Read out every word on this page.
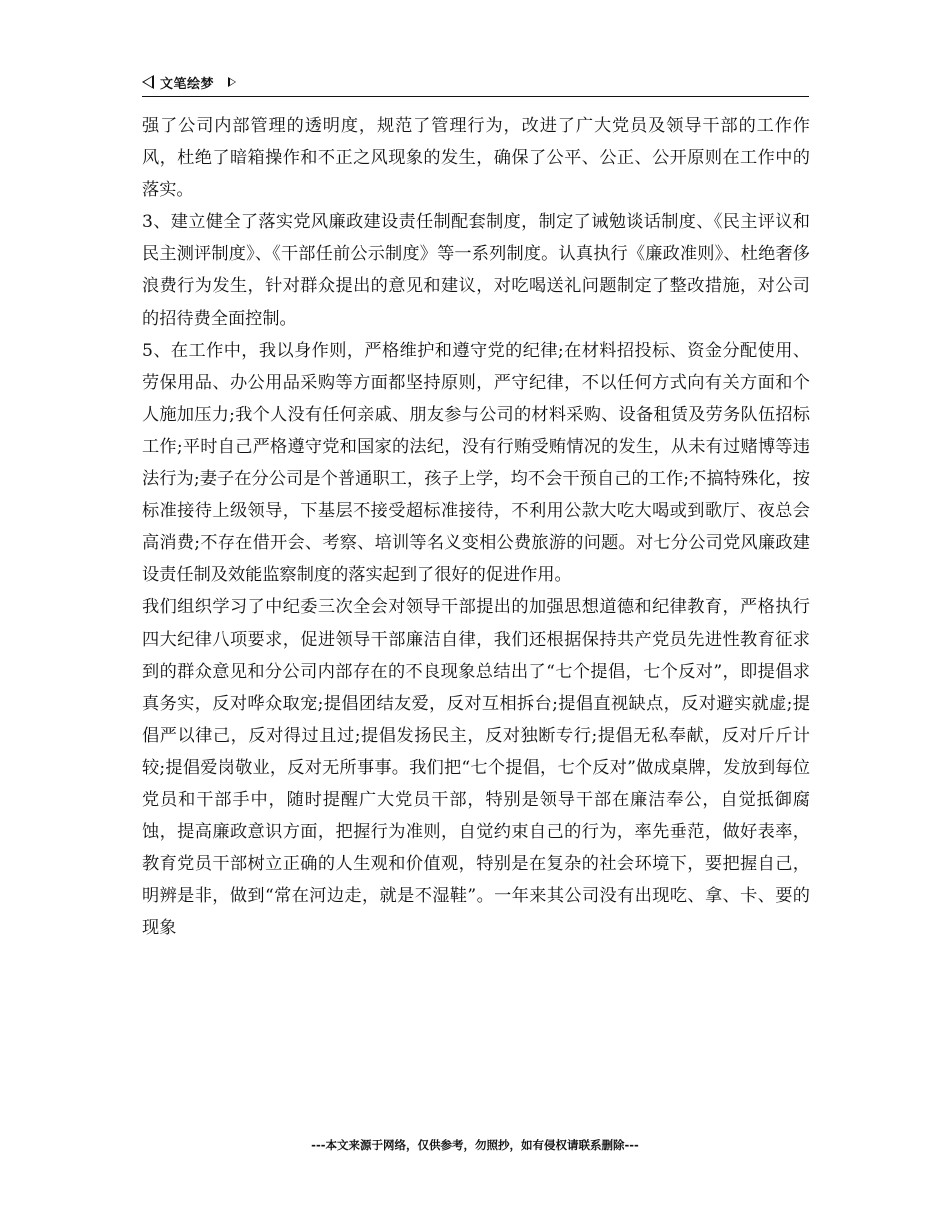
文笔绘梦

强了公司内部管理的透明度，规范了管理行为，改进了广大党员及领导干部的工作作风，杜绝了暗箱操作和不正之风现象的发生，确保了公平、公正、公开原则在工作中的落实。

3、建立健全了落实党风廉政建设责任制配套制度，制定了诫勉谈话制度、《民主评议和民主测评制度》、《干部任前公示制度》等一系列制度。认真执行《廉政准则》、杜绝奢侈浪费行为发生，针对群众提出的意见和建议，对吃喝送礼问题制定了整改措施，对公司的招待费全面控制。

5、在工作中，我以身作则，严格维护和遵守党的纪律;在材料招投标、资金分配使用、劳保用品、办公用品采购等方面都坚持原则，严守纪律，不以任何方式向有关方面和个人施加压力;我个人没有任何亲戚、朋友参与公司的材料采购、设备租赁及劳务队伍招标工作;平时自己严格遵守党和国家的法纪，没有行贿受贿情况的发生，从未有过赌博等违法行为;妻子在分公司是个普通职工，孩子上学，均不会干预自己的工作;不搞特殊化，按标准接待上级领导，下基层不接受超标准接待，不利用公款大吃大喝或到歌厅、夜总会高消费;不存在借开会、考察、培训等名义变相公费旅游的问题。对七分公司党风廉政建设责任制及效能监察制度的落实起到了很好的促进作用。

我们组织学习了中纪委三次全会对领导干部提出的加强思想道德和纪律教育，严格执行四大纪律八项要求，促进领导干部廉洁自律，我们还根据保持共产党员先进性教育征求到的群众意见和分公司内部存在的不良现象总结出了“七个提倡，七个反对”，即提倡求真务实，反对哗众取宠;提倡团结友爱，反对互相拆台;提倡直视缺点，反对避实就虚;提倡严以律己，反对得过且过;提倡发扬民主，反对独断专行;提倡无私奉献，反对斤斤计较;提倡爱岗敬业，反对无所事事。我们把“七个提倡，七个反对”做成桌牌，发放到每位党员和干部手中，随时提醒广大党员干部，特别是领导干部在廉洁奉公，自觉抵御腐蚀，提高廉政意识方面，把握行为准则，自觉约束自己的行为，率先垂范，做好表率，教育党员干部树立正确的人生观和价值观，特别是在复杂的社会环境下，要把握自己，明辨是非，做到“常在河边走，就是不湿鞋”。一年来其公司没有出现吃、拿、卡、要的现象

---本文来源于网络，仅供参考，勿照抄，如有侵权请联系删除---
